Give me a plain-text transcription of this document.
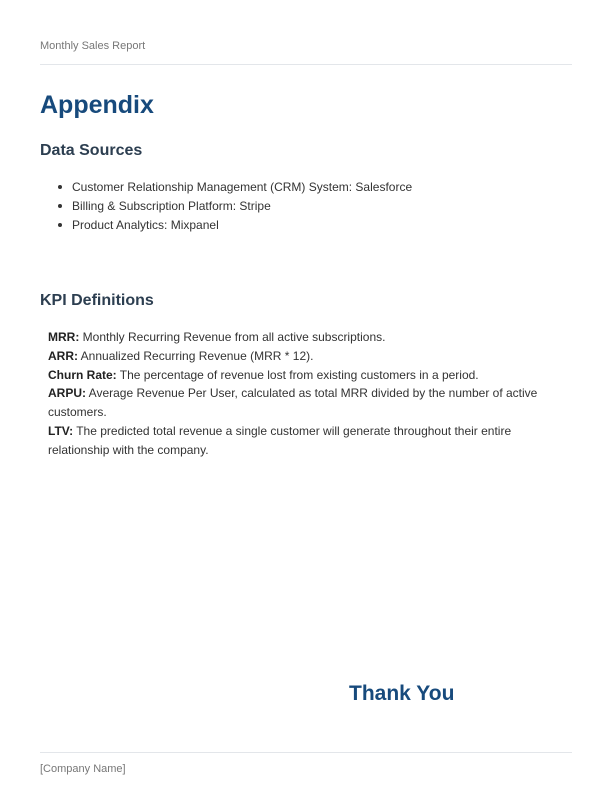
Monthly Sales Report
Appendix
Data Sources
Customer Relationship Management (CRM) System: Salesforce
Billing & Subscription Platform: Stripe
Product Analytics: Mixpanel
KPI Definitions
MRR: Monthly Recurring Revenue from all active subscriptions.
ARR: Annualized Recurring Revenue (MRR * 12).
Churn Rate: The percentage of revenue lost from existing customers in a period.
ARPU: Average Revenue Per User, calculated as total MRR divided by the number of active customers.
LTV: The predicted total revenue a single customer will generate throughout their entire relationship with the company.
Thank You
[Company Name]
